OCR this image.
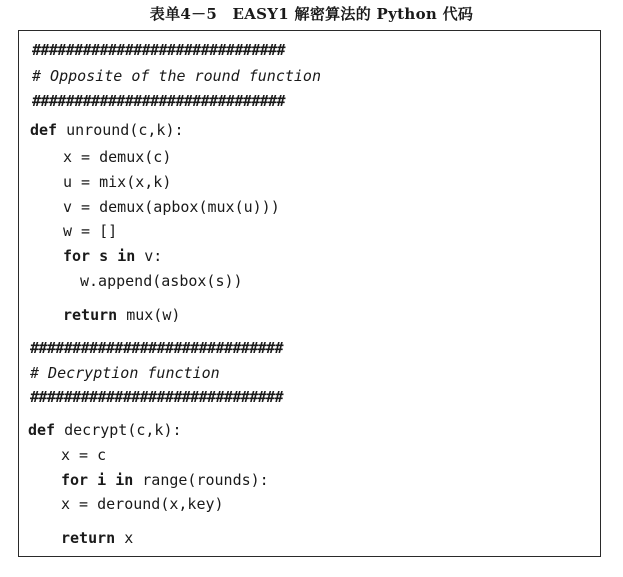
表单4－5　EASY1 解密算法的 Python 代码
##############################
# Opposite of the round function
##############################
def unround(c,k):
x = demux(c)
u = mix(x,k)
v = demux(apbox(mux(u)))
w = []
for s in v:
w.append(asbox(s))
return mux(w)
##############################
# Decryption function
##############################
def decrypt(c,k):
x = c
for i in range(rounds):
x = deround(x,key)
return x
